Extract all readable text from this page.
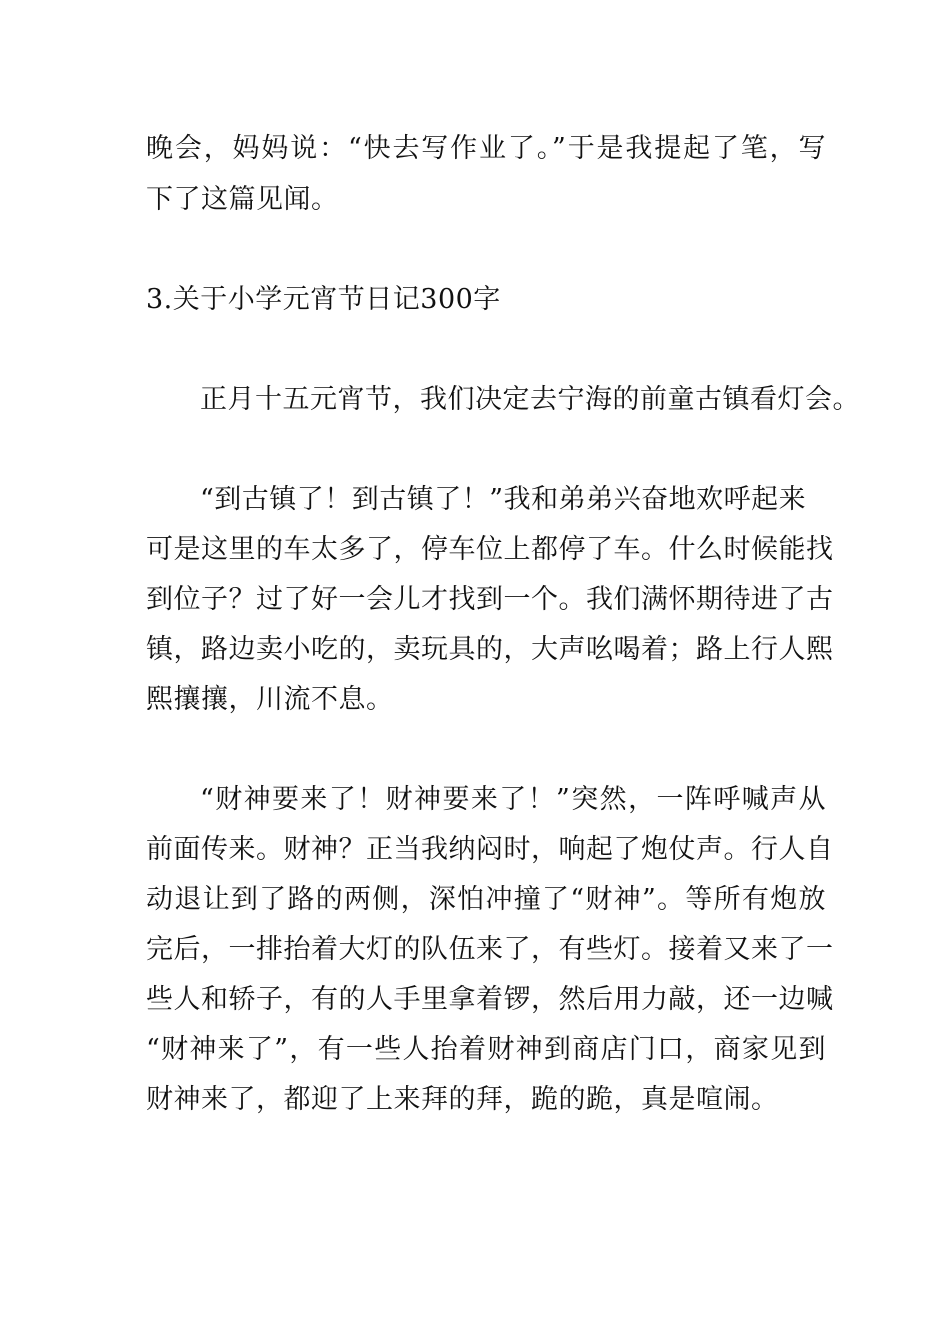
晚会，妈妈说：“快去写作业了。”于是我提起了笔，写
下了这篇见闻。
3.关于小学元宵节日记300字
正月十五元宵节，我们决定去宁海的前童古镇看灯会。
“到古镇了！到古镇了！”我和弟弟兴奋地欢呼起来
可是这里的车太多了，停车位上都停了车。什么时候能找
到位子？过了好一会儿才找到一个。我们满怀期待进了古
镇，路边卖小吃的，卖玩具的，大声吆喝着；路上行人熙
熙攘攘，川流不息。
“财神要来了！财神要来了！”突然，一阵呼喊声从
前面传来。财神？正当我纳闷时，响起了炮仗声。行人自
动退让到了路的两侧，深怕冲撞了“财神”。等所有炮放
完后，一排抬着大灯的队伍来了，有些灯。接着又来了一
些人和轿子，有的人手里拿着锣，然后用力敲，还一边喊
“财神来了”，有一些人抬着财神到商店门口，商家见到
财神来了，都迎了上来拜的拜，跪的跪，真是喧闹。
